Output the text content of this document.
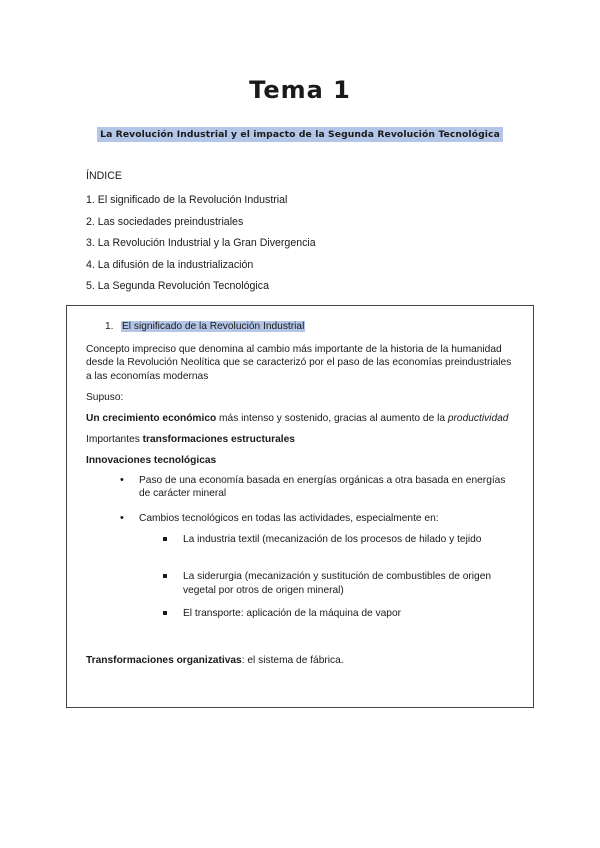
Tema 1
La Revolución Industrial y el impacto de la Segunda Revolución Tecnológica

ÍNDICE

1. El significado de la Revolución Industrial
2. Las sociedades preindustriales
3. La Revolución Industrial y la Gran Divergencia
4. La difusión de la industrialización
5. La Segunda Revolución Tecnológica

1. El significado de la Revolución Industrial

Concepto impreciso que denomina al cambio más importante de la historia de la humanidad desde la Revolución Neolítica que se caracterizó por el paso de las economías preindustriales a las economías modernas

Supuso:

Un crecimiento económico más intenso y sostenido, gracias al aumento de la productividad

Importantes transformaciones estructurales

Innovaciones tecnológicas

• Paso de una economía basada en energías orgánicas a otra basada en energías de carácter mineral
• Cambios tecnológicos en todas las actividades, especialmente en:
La industria textil (mecanización de los procesos de hilado y tejido
La siderurgia (mecanización y sustitución de combustibles de origen vegetal por otros de origen mineral)
El transporte: aplicación de la máquina de vapor

Transformaciones organizativas: el sistema de fábrica.
